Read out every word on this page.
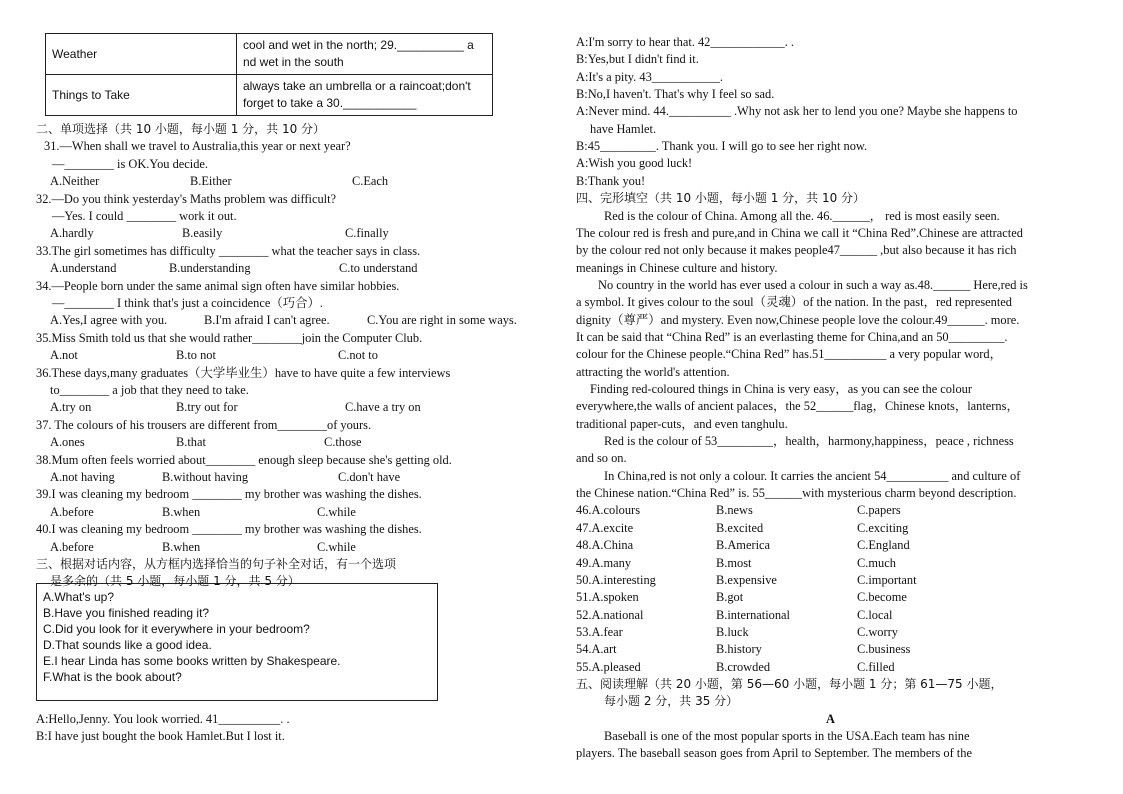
Weather	cool and wet in the north; 29.__________ a
nd wet in the south

Things to Take	always take an umbrella or a raincoat;don't
forget to take a 30.___________
A.What's up?
B.Have you finished reading it?
C.Did you look for it everywhere in your bedroom?
D.That sounds like a good idea.
E.I hear Linda has some books written by Shakespeare.
F.What is the book about?
二、单项选择（共 10 小题，每小题 1 分，共 10 分）
31.—When shall we travel to Australia,this year or next year?
—________ is OK.You decide.
A.Neither	B.Either	C.Each
32.—Do you think yesterday's Maths problem was difficult?
—Yes. I could ________ work it out.
A.hardly	B.easily	C.finally
33.The girl sometimes has difficulty ________ what the teacher says in class.
A.understand	B.understanding	C.to understand
34.—People born under the same animal sign often have similar hobbies.
—________ I think that's just a coincidence（巧合）.
A.Yes,I agree with you.	B.I'm afraid I can't agree.	C.You are right in some ways.
35.Miss Smith told us that she would rather________join the Computer Club.
A.not	B.to not	C.not to
36.These days,many graduates（大学毕业生）have to have quite a few interviews
to________ a job that they need to take.
A.try on	B.try out for	C.have a try on
37. The colours of his trousers are different from________of yours.
A.ones	B.that	C.those
38.Mum often feels worried about________ enough sleep because she's getting old.
A.not having	B.without having	C.don't have
39.I was cleaning my bedroom ________ my brother was washing the dishes.
A.before	B.when	C.while
40.I was cleaning my bedroom ________ my brother was washing the dishes.
A.before	B.when	C.while
三、根据对话内容，从方框内选择恰当的句子补全对话，有一个选项
是多余的（共 5 小题，每小题 1 分，共 5 分）
A:Hello,Jenny. You look worried. 41__________. .
B:I have just bought the book Hamlet.But I lost it.
A:I'm sorry to hear that. 42____________. .
B:Yes,but I didn't find it.
A:It's a pity. 43___________.
B:No,I haven't. That's why I feel so sad.
A:Never mind. 44.__________ .Why not ask her to lend you one? Maybe she happens to
have Hamlet.
B:45_________. Thank you. I will go to see her right now.
A:Wish you good luck!
B:Thank you!
四、完形填空（共 10 小题，每小题 1 分，共 10 分）
Red is the colour of China. Among all the. 46.______， red is most easily seen.
The colour red is fresh and pure,and in China we call it “China Red”.Chinese are attracted
by the colour red not only because it makes people47______ ,but also because it has rich
meanings in Chinese culture and history.
No country in the world has ever used a colour in such a way as.48.______ Here,red is
a symbol. It gives colour to the soul（灵魂）of the nation. In the past，red represented
dignity（尊严）and mystery. Even now,Chinese people love the colour.49______. more.
It can be said that “China Red” is an everlasting theme for China,and an 50_________.
colour for the Chinese people.“China Red” has.51__________ a very popular word，
attracting the world's attention.
Finding red-coloured things in China is very easy，as you can see the colour
everywhere,the walls of ancient palaces，the 52______flag，Chinese knots，lanterns，
traditional paper-cuts，and even tanghulu.
Red is the colour of 53_________，health，harmony,happiness，peace , richness
and so on.
In China,red is not only a colour. It carries the ancient 54__________ and culture of
the Chinese nation.“China Red” is. 55______with mysterious charm beyond description.
46.A.colours	B.news	C.papers
47.A.excite	B.excited	C.exciting
48.A.China	B.America	C.England
49.A.many	B.most	C.much
50.A.interesting	B.expensive	C.important
51.A.spoken	B.got	C.become
52.A.national	B.international	C.local
53.A.fear	B.luck	C.worry
54.A.art	B.history	C.business
55.A.pleased	B.crowded	C.filled
五、阅读理解（共 20 小题，第 56—60 小题，每小题 1 分；第 61—75 小题，
每小题 2 分，共 35 分）
A
Baseball is one of the most popular sports in the USA.Each team has nine
players. The baseball season goes from April to September. The members of the
